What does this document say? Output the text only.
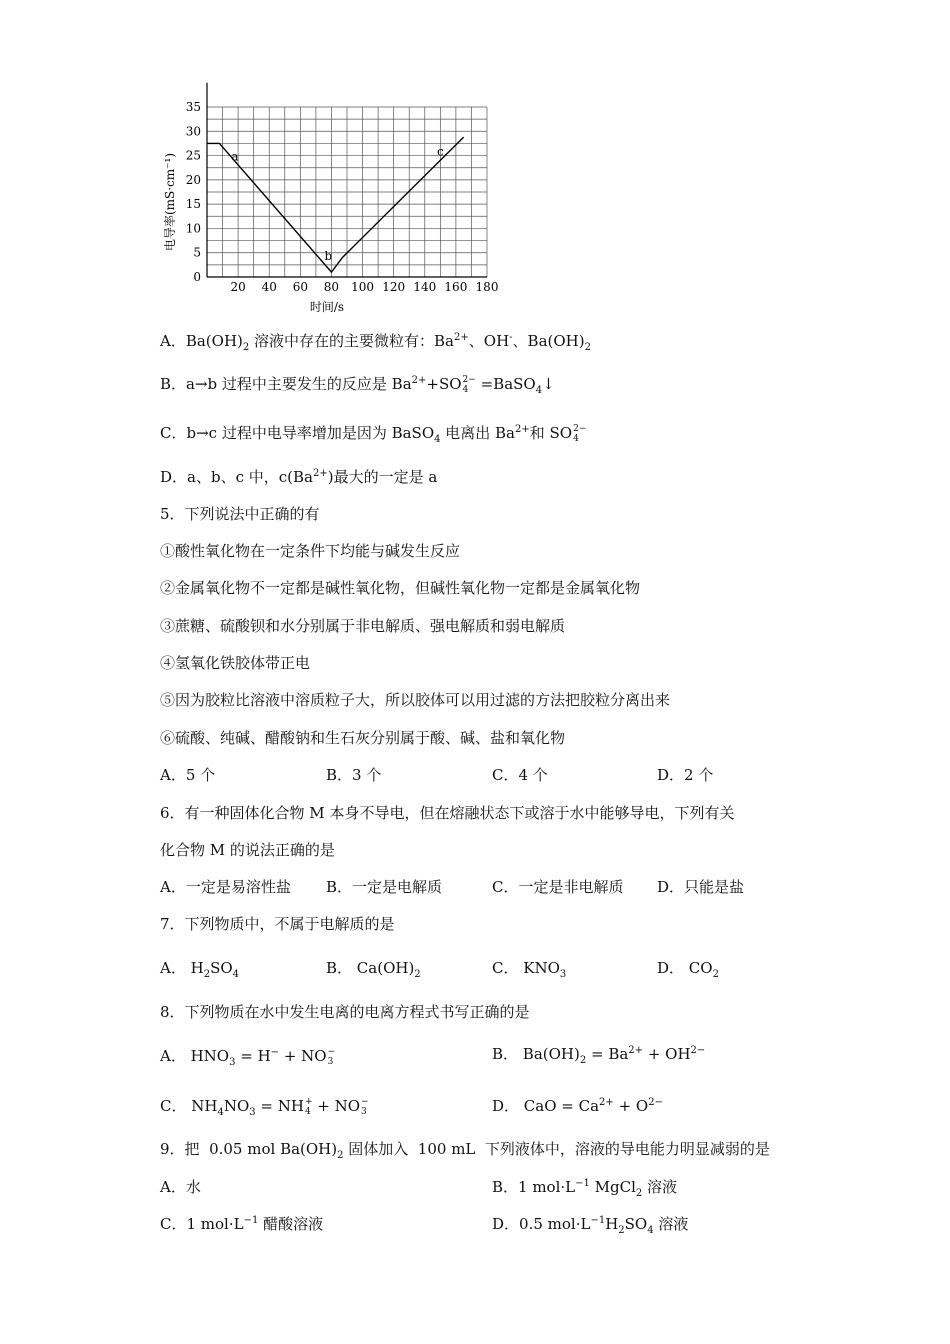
0
5
10
15
20
25
30
35
20 40 60 80 100 120 140 160 180
a
b
c
电导率(mS·cm⁻¹)
时间/s
A．$Ba(OH)_2$ 溶液中存在的主要微粒有：$Ba^{2+}$、OH-、$Ba(OH)_2$
B．a→b 过程中主要发生的反应是 $Ba^{2+}+SO$ 2−
4 =BaSO$_4$↓
C．b→c 过程中电导率增加是因为 BaSO$_4$ 电离出 $Ba^{2+}$和 SO 2−
4
D．a、b、c 中，$c(Ba^{2+})$最大的一定是 a
5．下列说法中正确的有
①酸性氧化物在一定条件下均能与碱发生反应
②金属氧化物不一定都是碱性氧化物，但碱性氧化物一定都是金属氧化物
③蔗糖、硫酸钡和水分别属于非电解质、强电解质和弱电解质
④氢氧化铁胶体带正电
⑤因为胶粒比溶液中溶质粒子大，所以胶体可以用过滤的方法把胶粒分离出来
⑥硫酸、纯碱、醋酸钠和生石灰分别属于酸、碱、盐和氧化物
A．5 个	B．3 个	C．4 个	D．2 个
6．有一种固体化合物 M 本身不导电，但在熔融状态下或溶于水中能够导电，下列有关
化合物 M 的说法正确的是
A．一定是易溶性盐 B．一定是电解质	C．一定是非电解质 D．只能是盐
7．下列物质中，不属于电解质的是
A． $H_2SO_4$	B． $Ca(OH)_2$	C． $KNO_3$	D． $CO_2$
8．下列物质在水中发生电离的电离方程式书写正确的是
A． $HNO_3 = H^-$ + NO −
3	B． $Ba(OH)_2 = Ba^{2+} + OH^{2-}$
C． $NH_4NO_3$ = NH +
4 + NO −
3	D． CaO = $Ca^{2+} + O^{2-}$
9．把  0.05 mol $Ba(OH)_2$ 固体加入  100 mL  下列液体中，溶液的导电能力明显减弱的是
A．水	B．1 $mol\cdot L^{-1}$ MgCl$_2$ 溶液
C．1 $mol\cdot L^{-1}$ 醋酸溶液	D．0.5 $mol\cdot L^{-1}H_2SO_4$ 溶液
